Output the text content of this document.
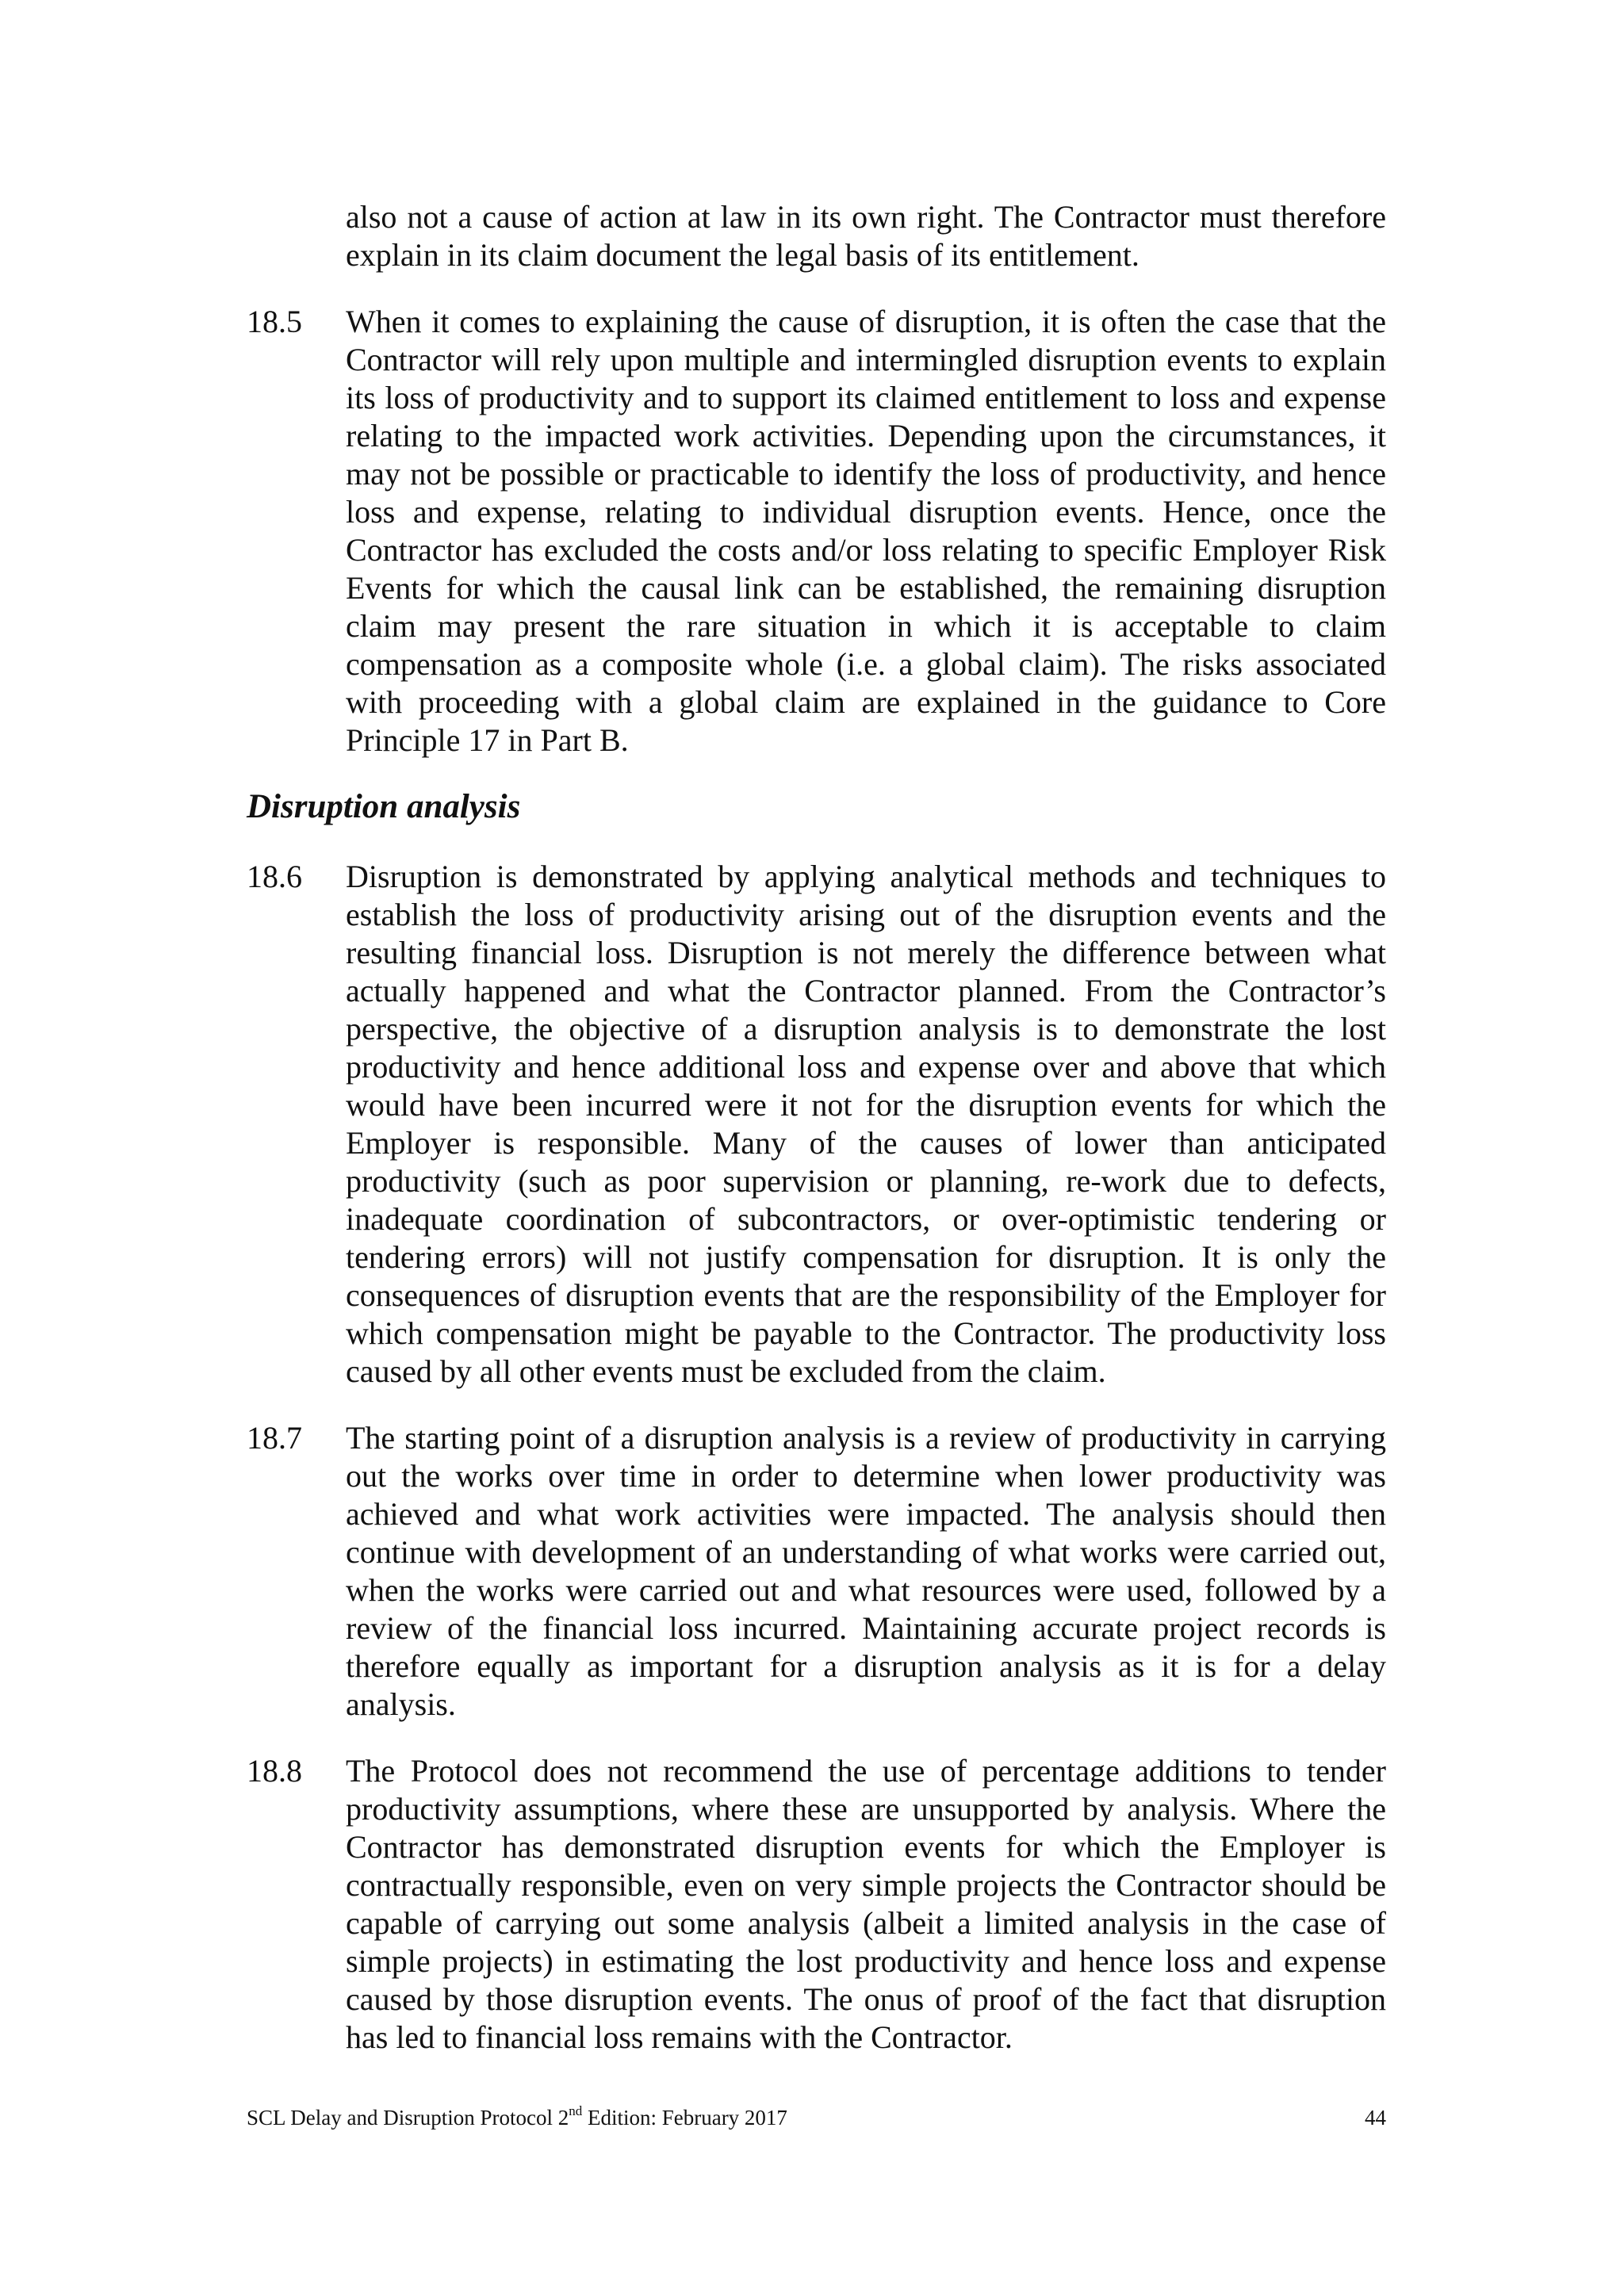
also not a cause of action at law in its own right. The Contractor must therefore explain in its claim document the legal basis of its entitlement.

18.5 When it comes to explaining the cause of disruption, it is often the case that the Contractor will rely upon multiple and intermingled disruption events to explain its loss of productivity and to support its claimed entitlement to loss and expense relating to the impacted work activities. Depending upon the circumstances, it may not be possible or practicable to identify the loss of productivity, and hence loss and expense, relating to individual disruption events. Hence, once the Contractor has excluded the costs and/or loss relating to specific Employer Risk Events for which the causal link can be established, the remaining disruption claim may present the rare situation in which it is acceptable to claim compensation as a composite whole (i.e. a global claim). The risks associated with proceeding with a global claim are explained in the guidance to Core Principle 17 in Part B.

Disruption analysis
18.6 Disruption is demonstrated by applying analytical methods and techniques to establish the loss of productivity arising out of the disruption events and the resulting financial loss. Disruption is not merely the difference between what actually happened and what the Contractor planned. From the Contractor’s perspective, the objective of a disruption analysis is to demonstrate the lost productivity and hence additional loss and expense over and above that which would have been incurred were it not for the disruption events for which the Employer is responsible. Many of the causes of lower than anticipated productivity (such as poor supervision or planning, re-work due to defects, inadequate coordination of subcontractors, or over-optimistic tendering or tendering errors) will not justify compensation for disruption. It is only the consequences of disruption events that are the responsibility of the Employer for which compensation might be payable to the Contractor. The productivity loss caused by all other events must be excluded from the claim.

18.7 The starting point of a disruption analysis is a review of productivity in carrying out the works over time in order to determine when lower productivity was achieved and what work activities were impacted. The analysis should then continue with development of an understanding of what works were carried out, when the works were carried out and what resources were used, followed by a review of the financial loss incurred. Maintaining accurate project records is therefore equally as important for a disruption analysis as it is for a delay analysis.

18.8 The Protocol does not recommend the use of percentage additions to tender productivity assumptions, where these are unsupported by analysis. Where the Contractor has demonstrated disruption events for which the Employer is contractually responsible, even on very simple projects the Contractor should be capable of carrying out some analysis (albeit a limited analysis in the case of simple projects) in estimating the lost productivity and hence loss and expense caused by those disruption events. The onus of proof of the fact that disruption has led to financial loss remains with the Contractor.

SCL Delay and Disruption Protocol 2nd Edition: February 2017	44
